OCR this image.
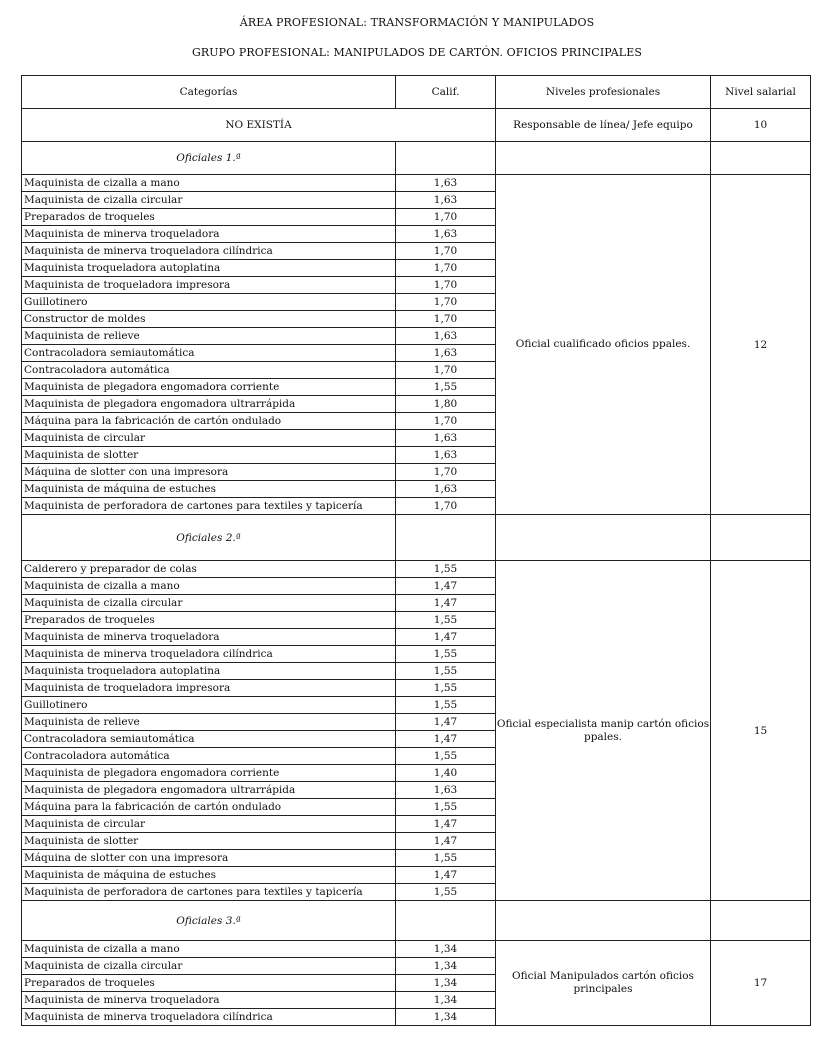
ÁREA PROFESIONAL: TRANSFORMACIÓN Y MANIPULADOS
GRUPO PROFESIONAL: MANIPULADOS DE CARTÓN. OFICIOS PRINCIPALES
Categorías	Calif.	Niveles profesionales	Nivel salarial
NO EXISTÍA		Responsable de línea/ Jefe equipo	10
Oficiales 1.ª			
Maquinista de cizalla a mano	1,63	Oficial cualificado oficios ppales.	12
Maquinista de cizalla circular	1,63		
Preparados de troqueles	1,70		
Maquinista de minerva troqueladora	1,63		
Maquinista de minerva troqueladora cilíndrica	1,70		
Maquinista troqueladora autoplatina	1,70		
Maquinista de troqueladora impresora	1,70		
Guillotinero	1,70		
Constructor de moldes	1,70		
Maquinista de relieve	1,63		
Contracoladora semiautomática	1,63		
Contracoladora automática	1,70		
Maquinista de plegadora engomadora corriente	1,55		
Maquinista de plegadora engomadora ultrarrápida	1,80		
Máquina para la fabricación de cartón ondulado	1,70		
Maquinista de circular	1,63		
Maquinista de slotter	1,63		
Máquina de slotter con una impresora	1,70		
Maquinista de máquina de estuches	1,63		
Maquinista de perforadora de cartones para textiles y tapicería	1,70		
Oficiales 2.ª			
Calderero y preparador de colas	1,55	Oficial especialista manip cartón oficios ppales.	15
Maquinista de cizalla a mano	1,47		
Maquinista de cizalla circular	1,47		
Preparados de troqueles	1,55		
Maquinista de minerva troqueladora	1,47		
Maquinista de minerva troqueladora cilíndrica	1,55		
Maquinista troqueladora autoplatina	1,55		
Maquinista de troqueladora impresora	1,55		
Guillotinero	1,55		
Maquinista de relieve	1,47		
Contracoladora semiautomática	1,47		
Contracoladora automática	1,55		
Maquinista de plegadora engomadora corriente	1,40		
Maquinista de plegadora engomadora ultrarrápida	1,63		
Máquina para la fabricación de cartón ondulado	1,55		
Maquinista de circular	1,47		
Maquinista de slotter	1,47		
Máquina de slotter con una impresora	1,55		
Maquinista de máquina de estuches	1,47		
Maquinista de perforadora de cartones para textiles y tapicería	1,55		
Oficiales 3.ª			
Maquinista de cizalla a mano	1,34	Oficial Manipulados cartón oficios principales	17
Maquinista de cizalla circular	1,34		
Preparados de troqueles	1,34		
Maquinista de minerva troqueladora	1,34		
Maquinista de minerva troqueladora cilíndrica	1,34		
